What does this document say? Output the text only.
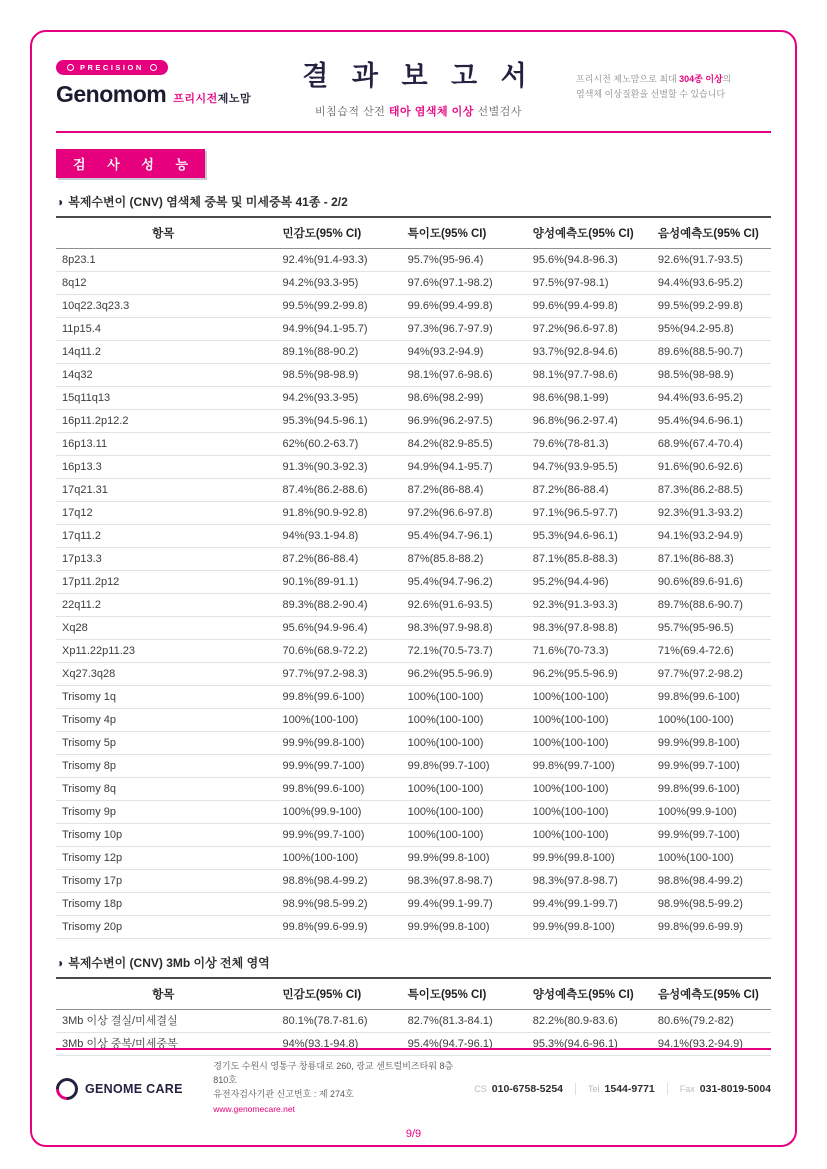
PRECISION
Genomom 프리시전제노맘
결 과 보 고 서

비침습적 산전 태아 염색체 이상 선별검사

프리시전 제노맘으로 최대 304종 이상의
염색체 이상질환을 선별할 수 있습니다
검 사 성 능
◑ 복제수변이 (CNV) 염색체 중복 및 미세중복 41종 - 2/2
항목	민감도(95% CI)	특이도(95% CI)	양성예측도(95% CI)	음성예측도(95% CI)
8p23.1	92.4%(91.4-93.3)	95.7%(95-96.4)	95.6%(94.8-96.3)	92.6%(91.7-93.5)
8q12	94.2%(93.3-95)	97.6%(97.1-98.2)	97.5%(97-98.1)	94.4%(93.6-95.2)
10q22.3q23.3	99.5%(99.2-99.8)	99.6%(99.4-99.8)	99.6%(99.4-99.8)	99.5%(99.2-99.8)
11p15.4	94.9%(94.1-95.7)	97.3%(96.7-97.9)	97.2%(96.6-97.8)	95%(94.2-95.8)
14q11.2	89.1%(88-90.2)	94%(93.2-94.9)	93.7%(92.8-94.6)	89.6%(88.5-90.7)
14q32	98.5%(98-98.9)	98.1%(97.6-98.6)	98.1%(97.7-98.6)	98.5%(98-98.9)
15q11q13	94.2%(93.3-95)	98.6%(98.2-99)	98.6%(98.1-99)	94.4%(93.6-95.2)
16p11.2p12.2	95.3%(94.5-96.1)	96.9%(96.2-97.5)	96.8%(96.2-97.4)	95.4%(94.6-96.1)
16p13.11	62%(60.2-63.7)	84.2%(82.9-85.5)	79.6%(78-81.3)	68.9%(67.4-70.4)
16p13.3	91.3%(90.3-92.3)	94.9%(94.1-95.7)	94.7%(93.9-95.5)	91.6%(90.6-92.6)
17q21.31	87.4%(86.2-88.6)	87.2%(86-88.4)	87.2%(86-88.4)	87.3%(86.2-88.5)
17q12	91.8%(90.9-92.8)	97.2%(96.6-97.8)	97.1%(96.5-97.7)	92.3%(91.3-93.2)
17q11.2	94%(93.1-94.8)	95.4%(94.7-96.1)	95.3%(94.6-96.1)	94.1%(93.2-94.9)
17p13.3	87.2%(86-88.4)	87%(85.8-88.2)	87.1%(85.8-88.3)	87.1%(86-88.3)
17p11.2p12	90.1%(89-91.1)	95.4%(94.7-96.2)	95.2%(94.4-96)	90.6%(89.6-91.6)
22q11.2	89.3%(88.2-90.4)	92.6%(91.6-93.5)	92.3%(91.3-93.3)	89.7%(88.6-90.7)
Xq28	95.6%(94.9-96.4)	98.3%(97.9-98.8)	98.3%(97.8-98.8)	95.7%(95-96.5)
Xp11.22p11.23	70.6%(68.9-72.2)	72.1%(70.5-73.7)	71.6%(70-73.3)	71%(69.4-72.6)
Xq27.3q28	97.7%(97.2-98.3)	96.2%(95.5-96.9)	96.2%(95.5-96.9)	97.7%(97.2-98.2)
Trisomy 1q	99.8%(99.6-100)	100%(100-100)	100%(100-100)	99.8%(99.6-100)
Trisomy 4p	100%(100-100)	100%(100-100)	100%(100-100)	100%(100-100)
Trisomy 5p	99.9%(99.8-100)	100%(100-100)	100%(100-100)	99.9%(99.8-100)
Trisomy 8p	99.9%(99.7-100)	99.8%(99.7-100)	99.8%(99.7-100)	99.9%(99.7-100)
Trisomy 8q	99.8%(99.6-100)	100%(100-100)	100%(100-100)	99.8%(99.6-100)
Trisomy 9p	100%(99.9-100)	100%(100-100)	100%(100-100)	100%(99.9-100)
Trisomy 10p	99.9%(99.7-100)	100%(100-100)	100%(100-100)	99.9%(99.7-100)
Trisomy 12p	100%(100-100)	99.9%(99.8-100)	99.9%(99.8-100)	100%(100-100)
Trisomy 17p	98.8%(98.4-99.2)	98.3%(97.8-98.7)	98.3%(97.8-98.7)	98.8%(98.4-99.2)
Trisomy 18p	98.9%(98.5-99.2)	99.4%(99.1-99.7)	99.4%(99.1-99.7)	98.9%(98.5-99.2)
Trisomy 20p	99.8%(99.6-99.9)	99.9%(99.8-100)	99.9%(99.8-100)	99.8%(99.6-99.9)
◑ 복제수변이 (CNV) 3Mb 이상 전체 영역
항목	민감도(95% CI)	특이도(95% CI)	양성예측도(95% CI)	음성예측도(95% CI)
3Mb 이상 결실/미세결실	80.1%(78.7-81.6)	82.7%(81.3-84.1)	82.2%(80.9-83.6)	80.6%(79.2-82)
3Mb 이상 중복/미세중복	94%(93.1-94.8)	95.4%(94.7-96.1)	95.3%(94.6-96.1)	94.1%(93.2-94.9)
GENOME CARE
경기도 수원시 영통구 창룡대로 260, 광교 센트럴비즈타워 8층 810호
유전자검사기관 신고번호 : 제 274호
www.genomecare.net
CS 010-6758-5254	Tel 1544-9771	Fax 031-8019-5004
9/9
